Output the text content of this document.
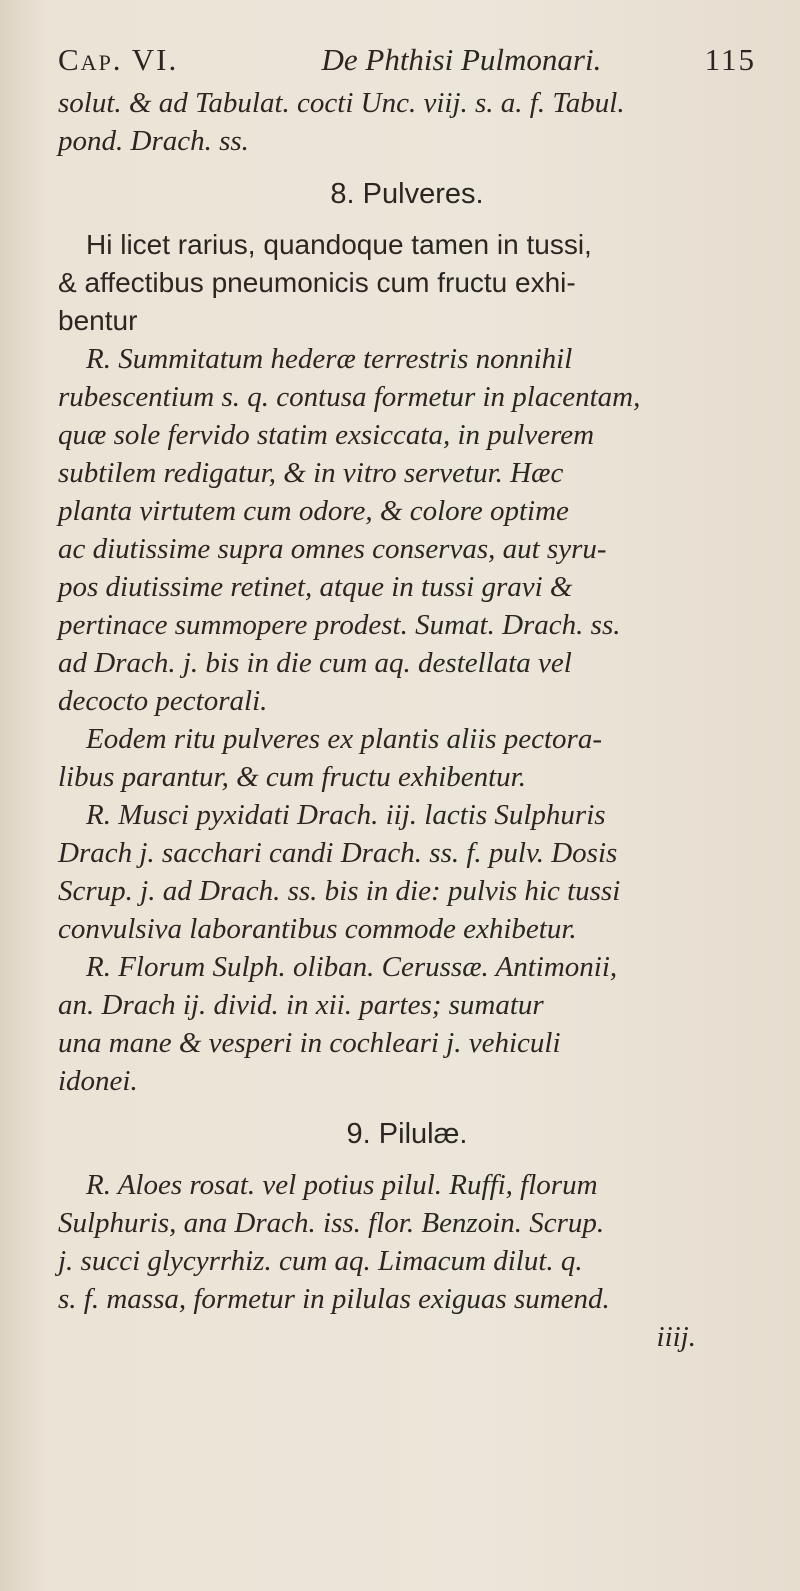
Cap. VI.	De Phthisi Pulmonari.	115
solut. & ad Tabulat. cocti Unc. viij. s. a. f. Tabul.
pond. Drach. ss.
8. Pulveres.
Hi licet rarius, quandoque tamen in tussi,
& affectibus pneumonicis cum fructu exhi-
bentur
R. Summitatum hederæ terrestris nonnihil
rubescentium s. q. contusa formetur in placentam,
quæ sole fervido statim exsiccata, in pulverem
subtilem redigatur, & in vitro servetur. Hæc
planta virtutem cum odore, & colore optime
ac diutissime supra omnes conservas, aut syru-
pos diutissime retinet, atque in tussi gravi &
pertinace summopere prodest. Sumat. Drach. ss.
ad Drach. j. bis in die cum aq. destellata vel
decocto pectorali.
Eodem ritu pulveres ex plantis aliis pectora-
libus parantur, & cum fructu exhibentur.
R. Musci pyxidati Drach. iij. lactis Sulphuris
Drach j. sacchari candi Drach. ss. f. pulv. Dosis
Scrup. j. ad Drach. ss. bis in die: pulvis hic tussi
convulsiva laborantibus commode exhibetur.
R. Florum Sulph. oliban. Cerussæ. Antimonii,
an. Drach ij. divid. in xii. partes; sumatur
una mane & vesperi in cochleari j. vehiculi
idonei.
9. Pilulæ.
R. Aloes rosat. vel potius pilul. Ruffi, florum
Sulphuris, ana Drach. iss. flor. Benzoin. Scrup.
j. succi glycyrrhiz. cum aq. Limacum dilut. q.
s. f. massa, formetur in pilulas exiguas sumend.
iiij.
